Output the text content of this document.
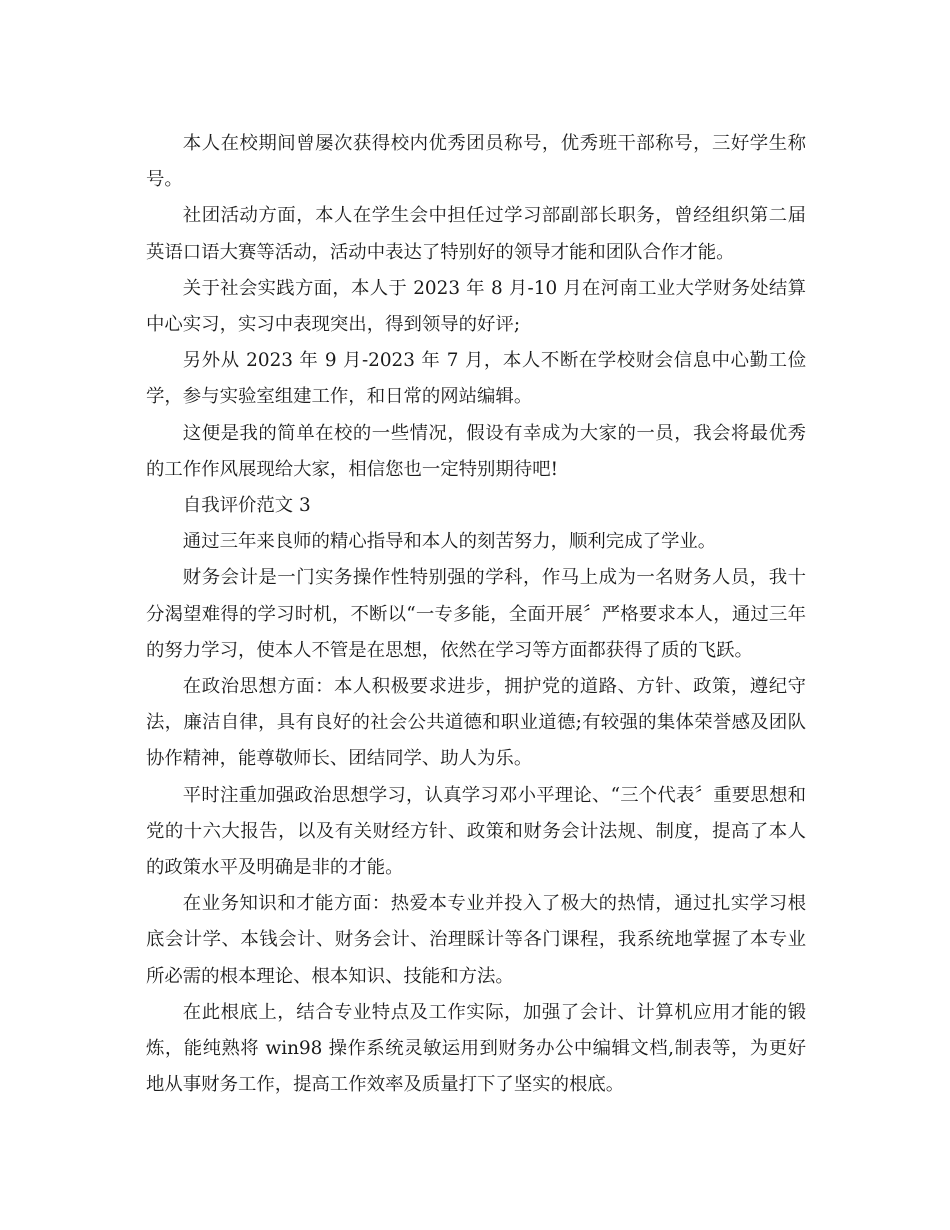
本人在校期间曾屡次获得校内优秀团员称号，优秀班干部称号，三好学生称号。

社团活动方面，本人在学生会中担任过学习部副部长职务，曾经组织第二届英语口语大赛等活动，活动中表达了特别好的领导才能和团队合作才能。

关于社会实践方面，本人于 2023 年 8 月-10 月在河南工业大学财务处结算中心实习，实习中表现突出，得到领导的好评;

另外从 2023 年 9 月-2023 年 7 月，本人不断在学校财会信息中心勤工俭学，参与实验室组建工作，和日常的网站编辑。

这便是我的简单在校的一些情况，假设有幸成为大家的一员，我会将最优秀的工作作风展现给大家，相信您也一定特别期待吧!

自我评价范文 3

通过三年来良师的精心指导和本人的刻苦努力，顺利完成了学业。

财务会计是一门实务操作性特别强的学科，作马上成为一名财务人员，我十分渴望难得的学习时机，不断以“一专多能，全面开展〞严格要求本人，通过三年的努力学习，使本人不管是在思想，依然在学习等方面都获得了质的飞跃。

在政治思想方面：本人积极要求进步，拥护党的道路、方针、政策，遵纪守法，廉洁自律，具有良好的社会公共道德和职业道德;有较强的集体荣誉感及团队协作精神，能尊敬师长、团结同学、助人为乐。

平时注重加强政治思想学习，认真学习邓小平理论、“三个代表〞重要思想和党的十六大报告，以及有关财经方针、政策和财务会计法规、制度，提高了本人的政策水平及明确是非的才能。

在业务知识和才能方面：热爱本专业并投入了极大的热情，通过扎实学习根底会计学、本钱会计、财务会计、治理睬计等各门课程，我系统地掌握了本专业所必需的根本理论、根本知识、技能和方法。

在此根底上，结合专业特点及工作实际，加强了会计、计算机应用才能的锻炼，能纯熟将 win98 操作系统灵敏运用到财务办公中编辑文档,制表等，为更好地从事财务工作，提高工作效率及质量打下了坚实的根底。
